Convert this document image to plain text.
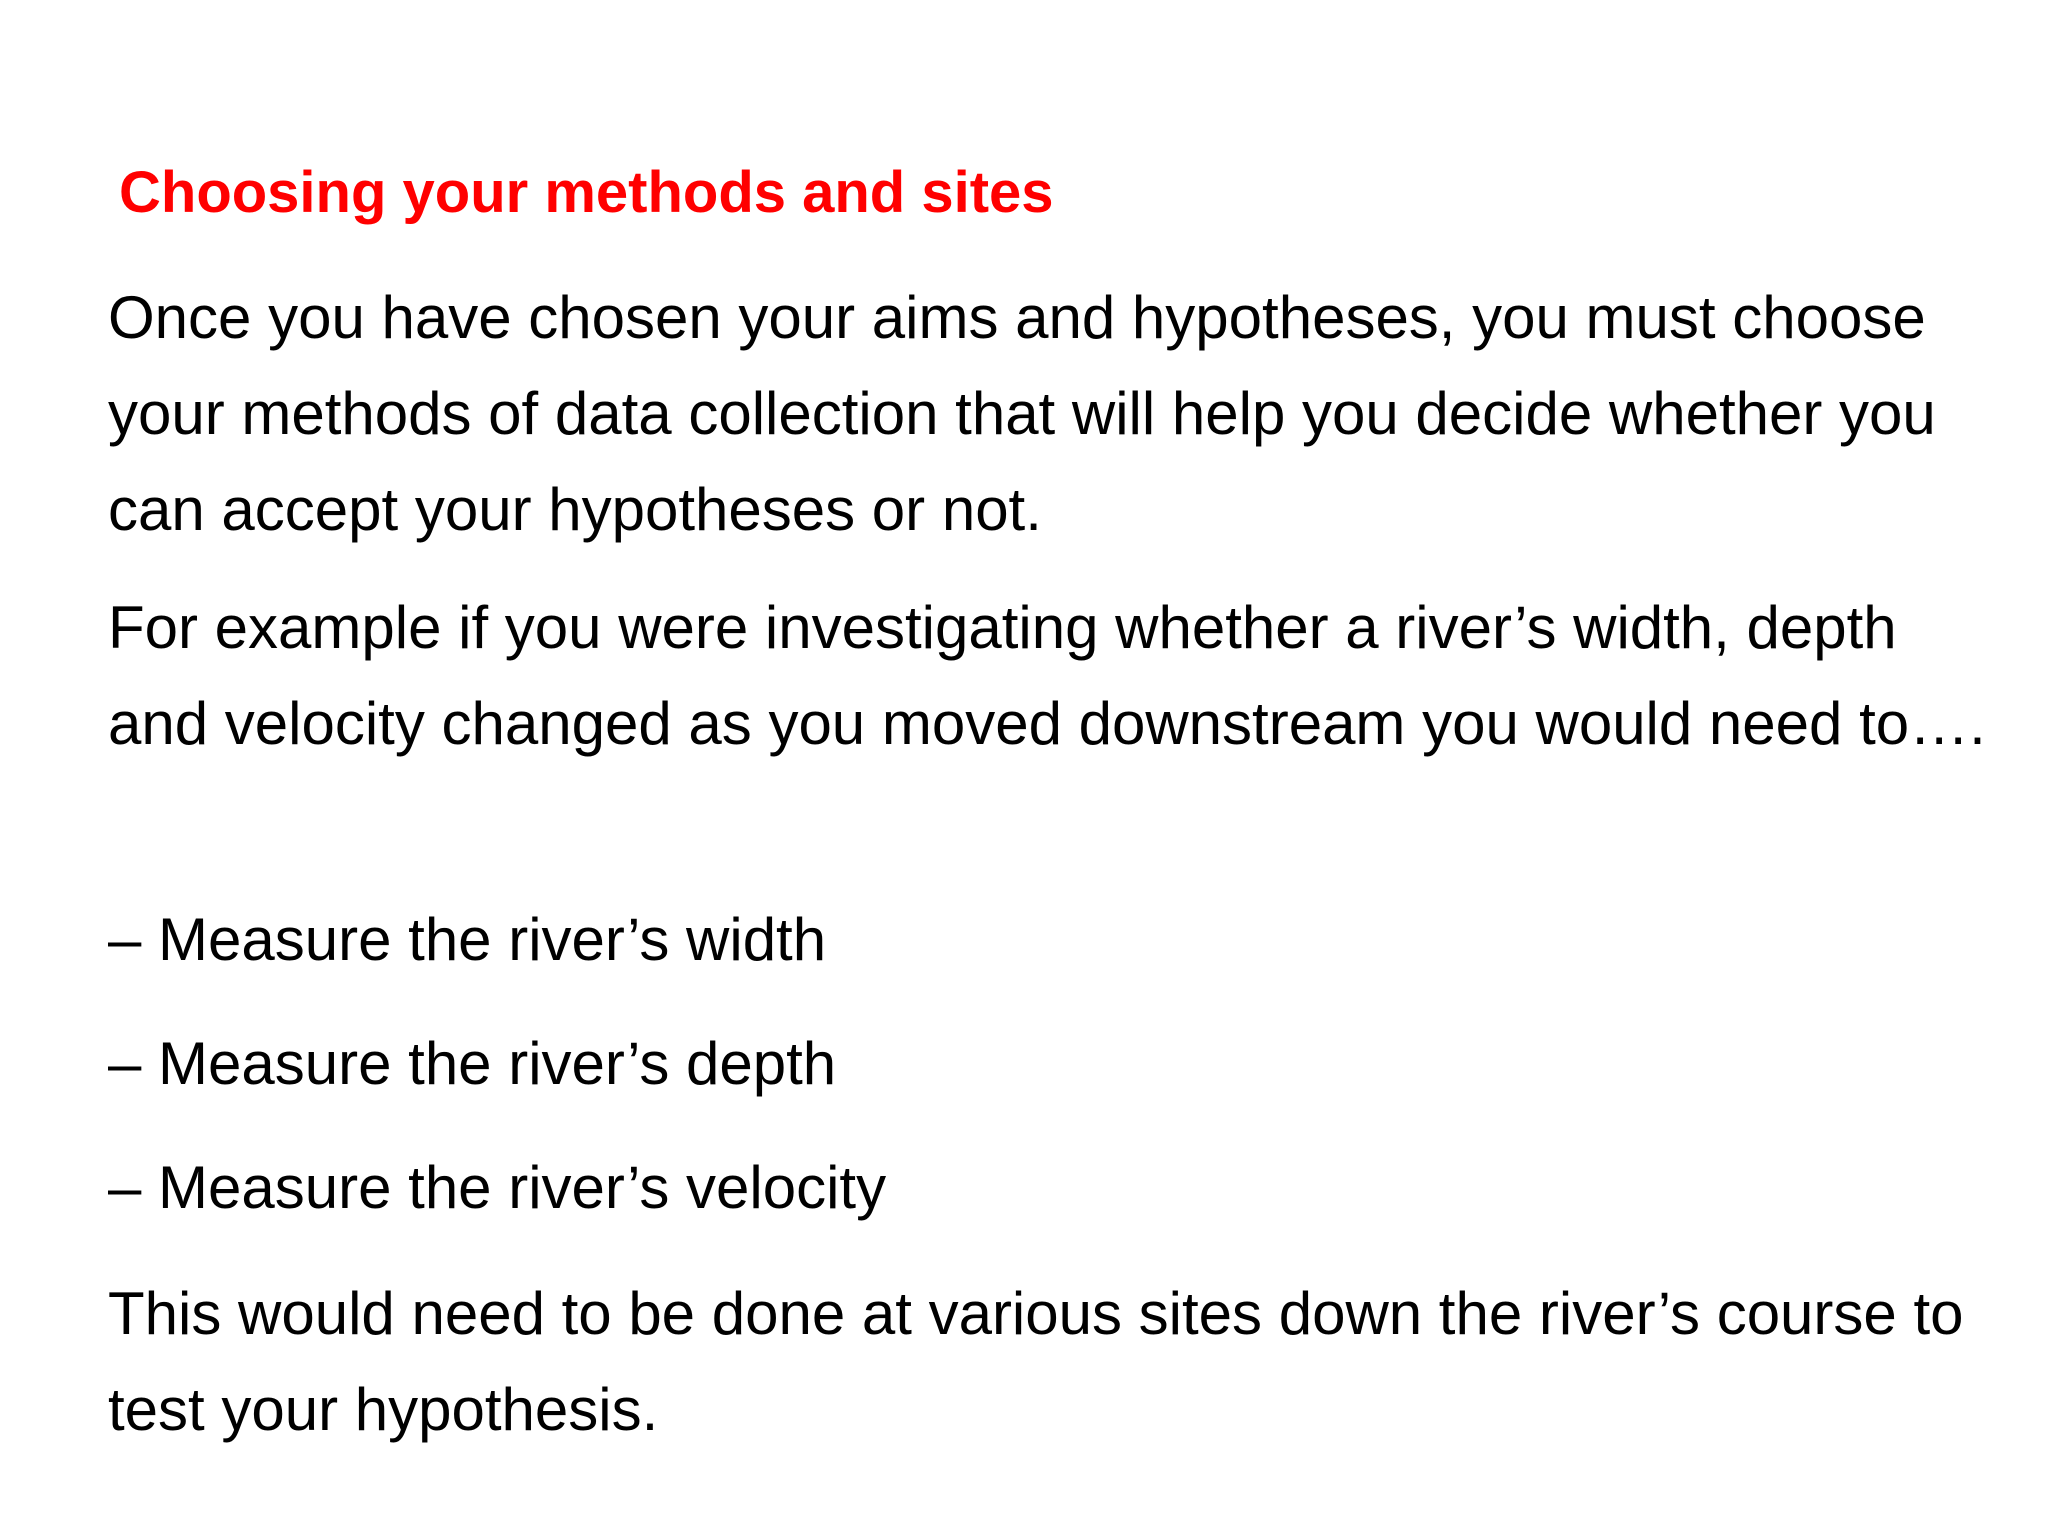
Choosing your methods and sites

Once you have chosen your aims and hypotheses, you must choose your methods of data collection that will help you decide whether you can accept your hypotheses or not.

For example if you were investigating whether a river’s width, depth and velocity changed as you moved downstream you would need to….

– Measure the river’s width

– Measure the river’s depth

– Measure the river’s velocity

This would need to be done at various sites down the river’s course to test your hypothesis.
